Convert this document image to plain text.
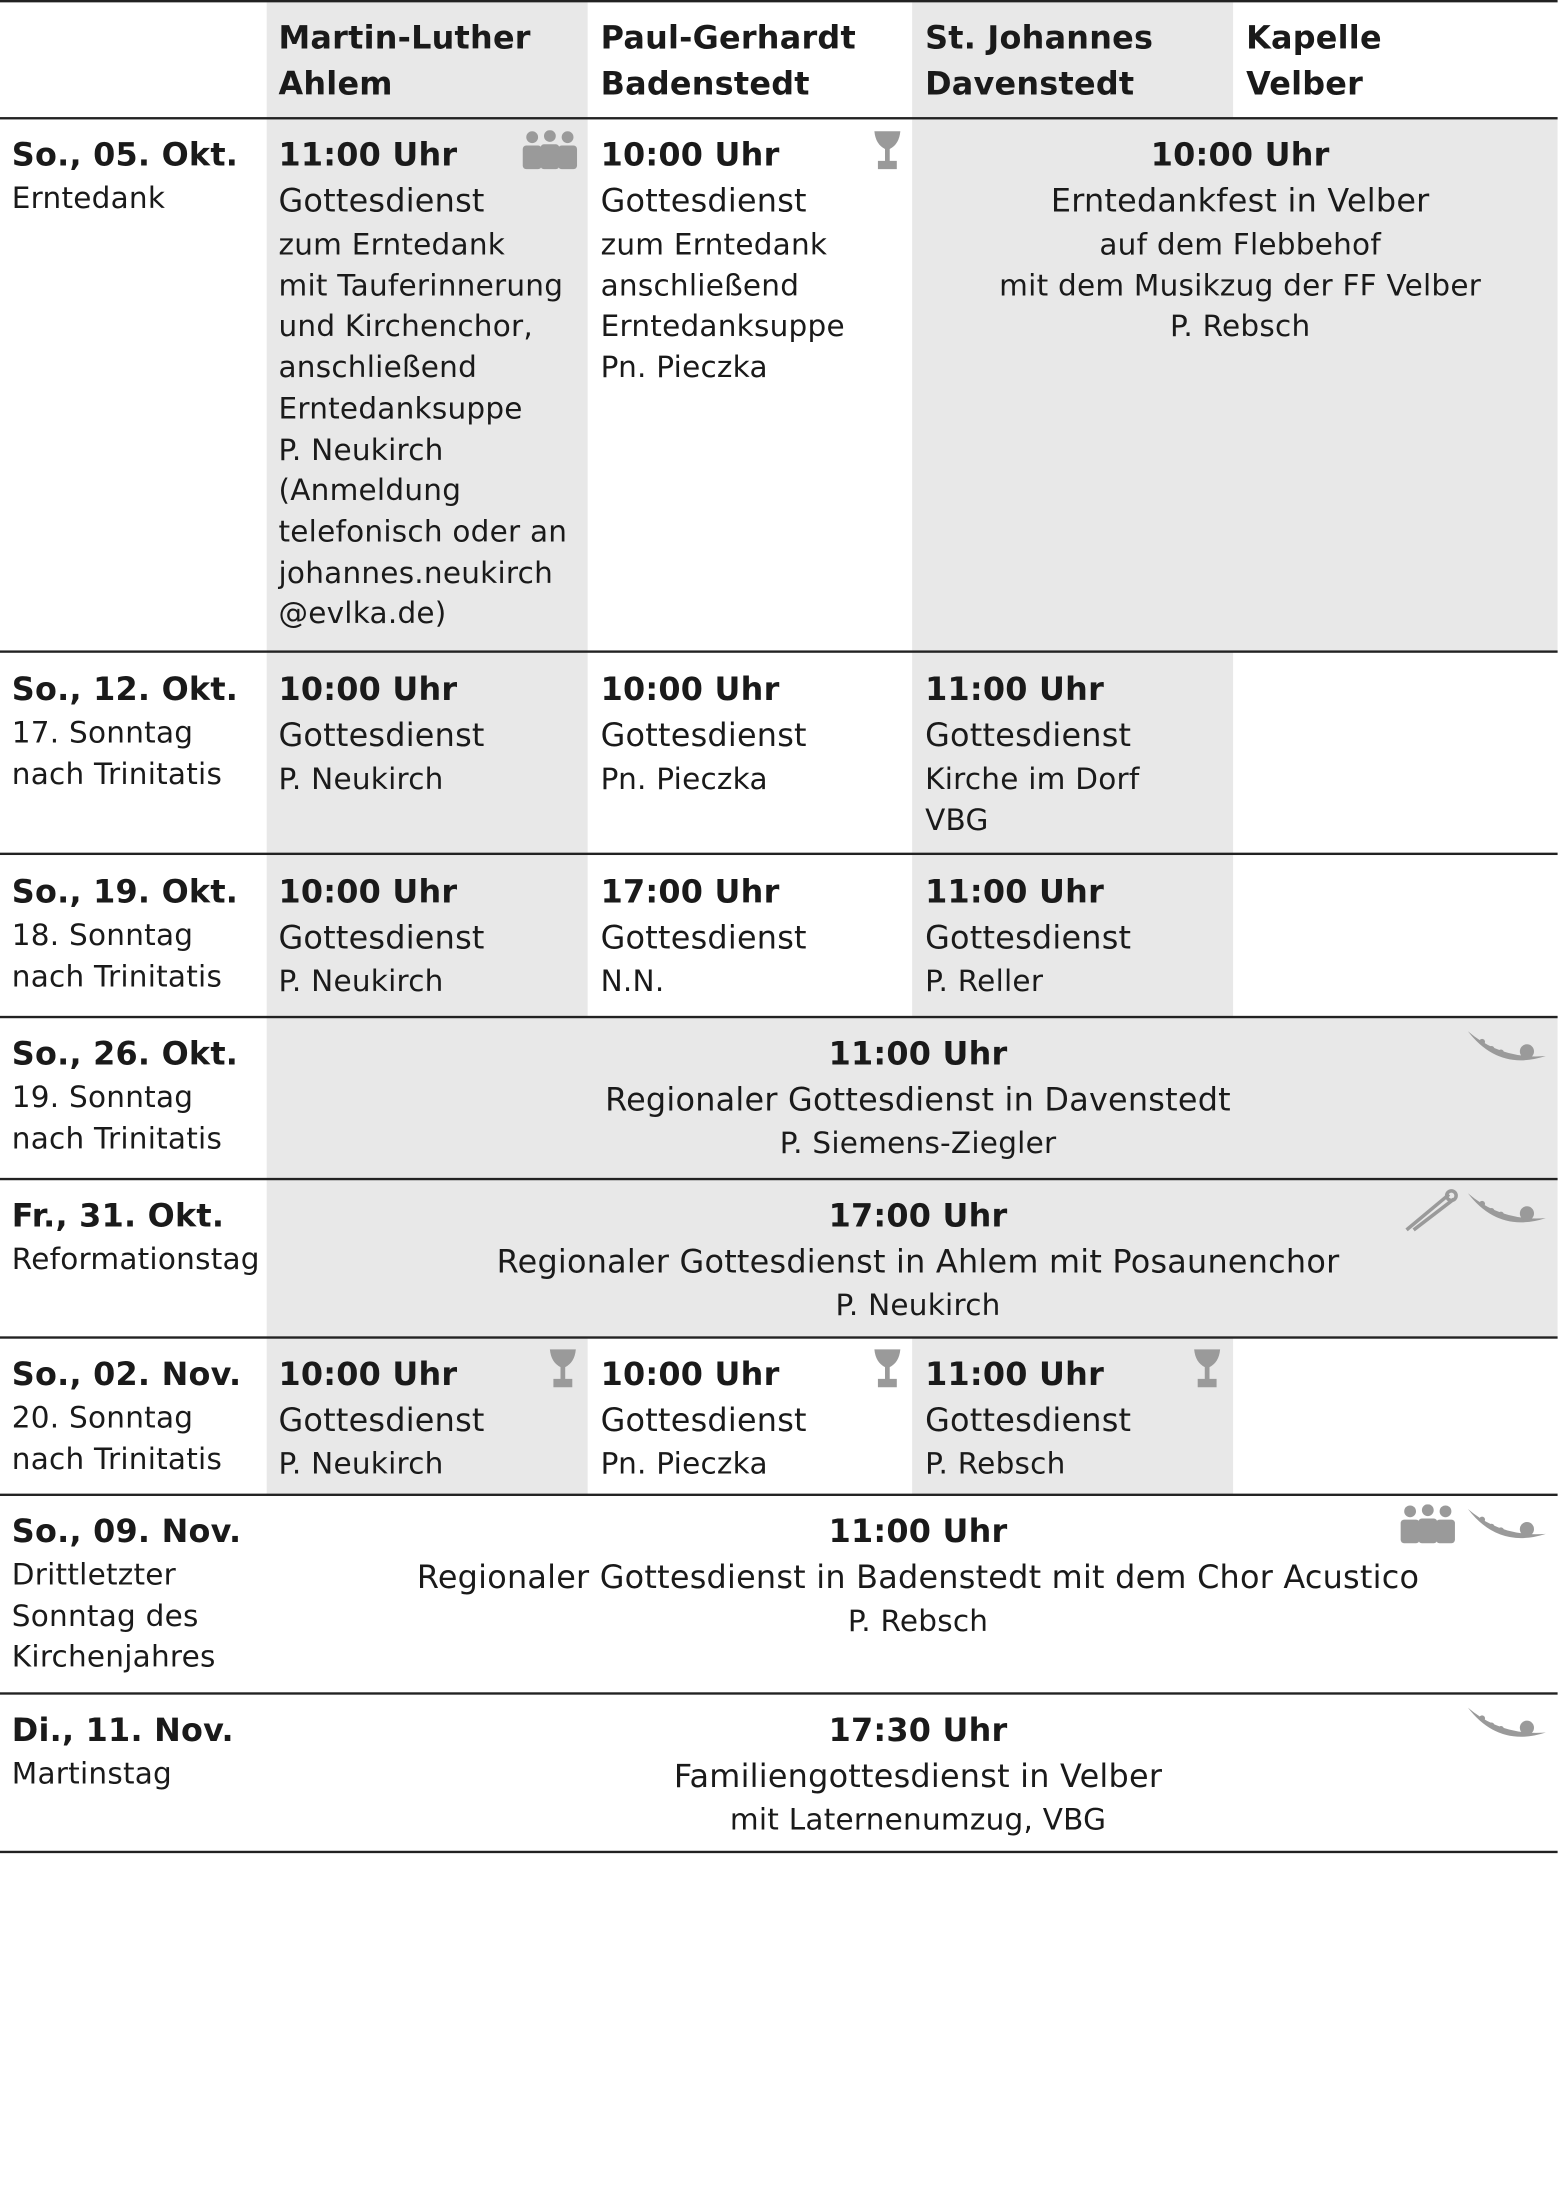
Martin-Luther
Ahlem
Paul-Gerhardt
Badenstedt
St. Johannes
Davenstedt
Kapelle
Velber
So., 05. Okt.
Erntedank
11:00 Uhr
Gottesdienst
zum Erntedank
mit Tauferinnerung
und Kirchenchor,
anschließend
Erntedanksuppe
P. Neukirch
(Anmeldung
telefonisch oder an
johannes.neukirch
@evlka.de)
10:00 Uhr
Gottesdienst
zum Erntedank
anschließend
Erntedanksuppe
Pn. Pieczka
10:00 Uhr
Erntedankfest in Velber
auf dem Flebbehof
mit dem Musikzug der FF Velber
P. Rebsch
So., 12. Okt.
17. Sonntag
nach Trinitatis
10:00 Uhr
Gottesdienst
P. Neukirch
10:00 Uhr
Gottesdienst
Pn. Pieczka
11:00 Uhr
Gottesdienst
Kirche im Dorf
VBG
So., 19. Okt.
18. Sonntag
nach Trinitatis
10:00 Uhr
Gottesdienst
P. Neukirch
17:00 Uhr
Gottesdienst
N.N.
11:00 Uhr
Gottesdienst
P. Reller
So., 26. Okt.
19. Sonntag
nach Trinitatis
11:00 Uhr
Regionaler Gottesdienst in Davenstedt
P. Siemens-Ziegler
Fr., 31. Okt.
Reformationstag
17:00 Uhr
Regionaler Gottesdienst in Ahlem mit Posaunenchor
P. Neukirch
So., 02. Nov.
20. Sonntag
nach Trinitatis
10:00 Uhr
Gottesdienst
P. Neukirch
10:00 Uhr
Gottesdienst
Pn. Pieczka
11:00 Uhr
Gottesdienst
P. Rebsch
So., 09. Nov.
Drittletzter
Sonntag des
Kirchenjahres
11:00 Uhr
Regionaler Gottesdienst in Badenstedt mit dem Chor Acustico
P. Rebsch
Di., 11. Nov.
Martinstag
17:30 Uhr
Familiengottesdienst in Velber
mit Laternenumzug, VBG
